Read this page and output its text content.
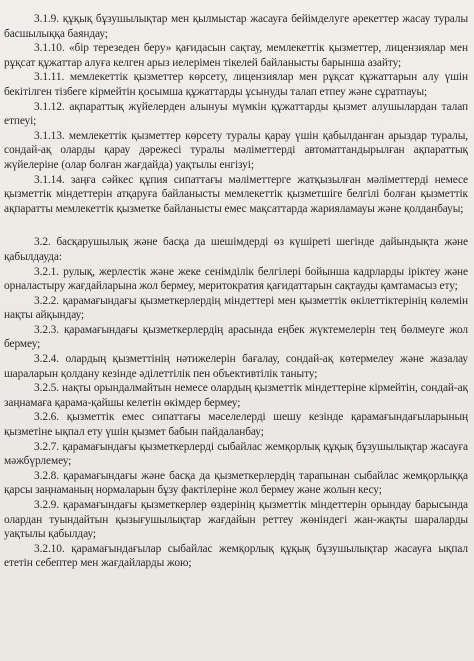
3.1.9. құқық бұзушылықтар мен қылмыстар жасауға бейімделуге әрекеттер жасау туралы басшылыққа баяндау;

3.1.10. «бір терезеден беру» қағидасын сақтау, мемлекеттік қызметтер, лицензиялар мен рұқсат құжаттар алуға келген арыз иелерімен тікелей байланысты барынша азайту;

3.1.11. мемлекеттік қызметтер көрсету, лицензиялар мен рұқсат құжаттарын алу үшін бекітілген тізбеге кірмейтін қосымша құжаттарды ұсынуды талап етпеу және сұратпауы;

3.1.12. ақпараттық жүйелерден алынуы мүмкін құжаттарды қызмет алушылардан талап етпеуі;

3.1.13. мемлекеттік қызметтер көрсету туралы қарау үшін қабылданған арыздар туралы, сондай-ақ оларды қарау дәрежесі туралы мәліметтерді автоматтандырылған ақпараттық жүйелеріне (олар болған жағдайда) уақтылы енгізуі;

3.1.14. заңға сәйкес құпия сипаттағы мәліметтерге жатқызылған мәліметтерді немесе қызметтік міндеттерін атқаруға байланысты мемлекеттік қызметшіге белгілі болған қызметтік ақпаратты мемлекеттік қызметке байланысты емес мақсаттарда жарияламауы және қолданбауы;

3.2. басқарушылық және басқа да шешімдерді өз күшіреті шегінде дайындықта және қабылдауда:

3.2.1. рулық, жерлестік және жеке сенімділік белгілері бойынша кадрларды іріктеу және орналастыру жағдайларына жол бермеу, меритократия қағидаттарын сақтауды қамтамасыз ету;

3.2.2. қарамағындағы қызметкерлердің міндеттері мен қызметтік өкілеттіктерінің көлемін нақты айқындау;

3.2.3. қарамағындағы қызметкерлердің арасында еңбек жүктемелерін тең бөлмеуге жол бермеу;

3.2.4. олардың қызметтінің нәтижелерін бағалау, сондай-ақ көтермелеу және жазалау шараларын қолдану кезінде әділеттілік пен объективтілік таныту;

3.2.5. нақты орындалмайтын немесе олардың қызметтік міндеттеріне кірмейтін, сондай-ақ заңнамаға қарама-қайшы келетін өкімдер бермеу;

3.2.6. қызметтік емес сипаттағы мәселелерді шешу кезінде қарамағындағыларының қызметіне ықпал ету үшін қызмет бабын пайдаланбау;

3.2.7. қарамағындағы қызметкерлерді сыбайлас жемқорлық құқық бұзушылықтар жасауға мәжбүрлемеу;

3.2.8. қарамағындағы және басқа да қызметкерлердің тарапынан сыбайлас жемқорлыққа қарсы заңнаманың нормаларын бұзу фактілеріне жол бермеу және жолын кесу;

3.2.9. қарамағындағы қызметкерлер өздерінің қызметтік міндеттерін орындау барысында олардан туындайтын қызығушылықтар жағдайын реттеу жөніндегі жан-жақты шараларды уақтылы қабылдау;

3.2.10. қарамағындағылар сыбайлас жемқорлық құқық бұзушылықтар жасауға ықпал ететін себептер мен жағдайларды жою;
